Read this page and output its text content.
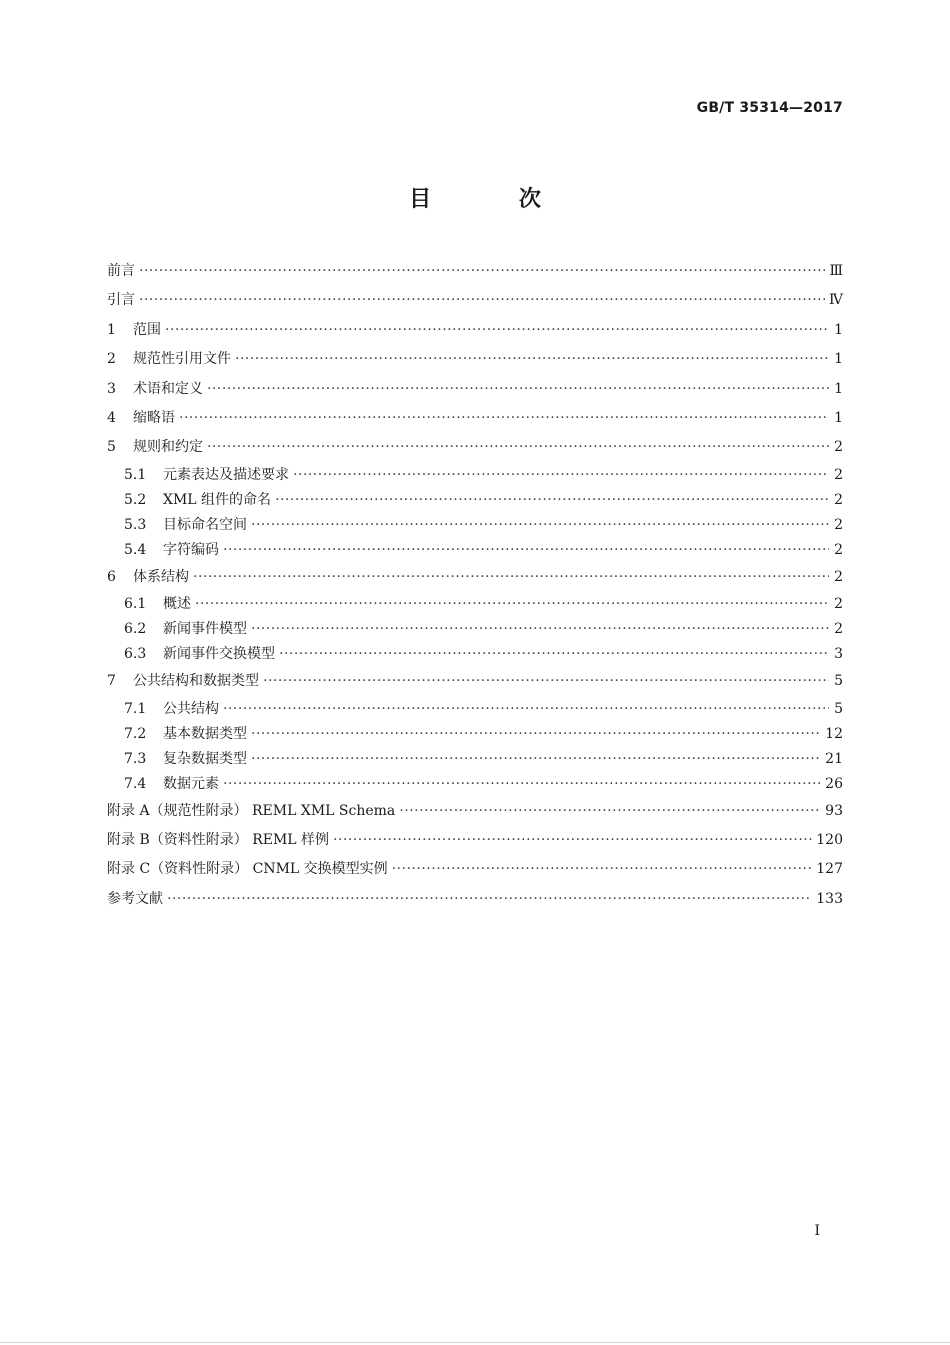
GB/T 35314—2017
目 次
前言 ·····	Ⅲ
引言 ·····	Ⅳ
1 范围 ·····	1
2 规范性引用文件 ·····	1
3 术语和定义 ·····	1
4 缩略语 ·····	1
5 规则和约定 ·····	2
5.1 元素表达及描述要求 ·····	2
5.2 XML 组件的命名 ·····	2
5.3 目标命名空间 ·····	2
5.4 字符编码 ·····	2
6 体系结构 ·····	2
6.1 概述 ·····	2
6.2 新闻事件模型 ·····	2
6.3 新闻事件交换模型 ·····	3
7 公共结构和数据类型 ·····	5
7.1 公共结构 ·····	5
7.2 基本数据类型 ·····	12
7.3 复杂数据类型 ·····	21
7.4 数据元素 ·····	26
附录 A（规范性附录） REML XML Schema ·····	93
附录 B（资料性附录） REML 样例 ·····	120
附录 C（资料性附录） CNML 交换模型实例 ·····	127
参考文献 ·····	133
I
